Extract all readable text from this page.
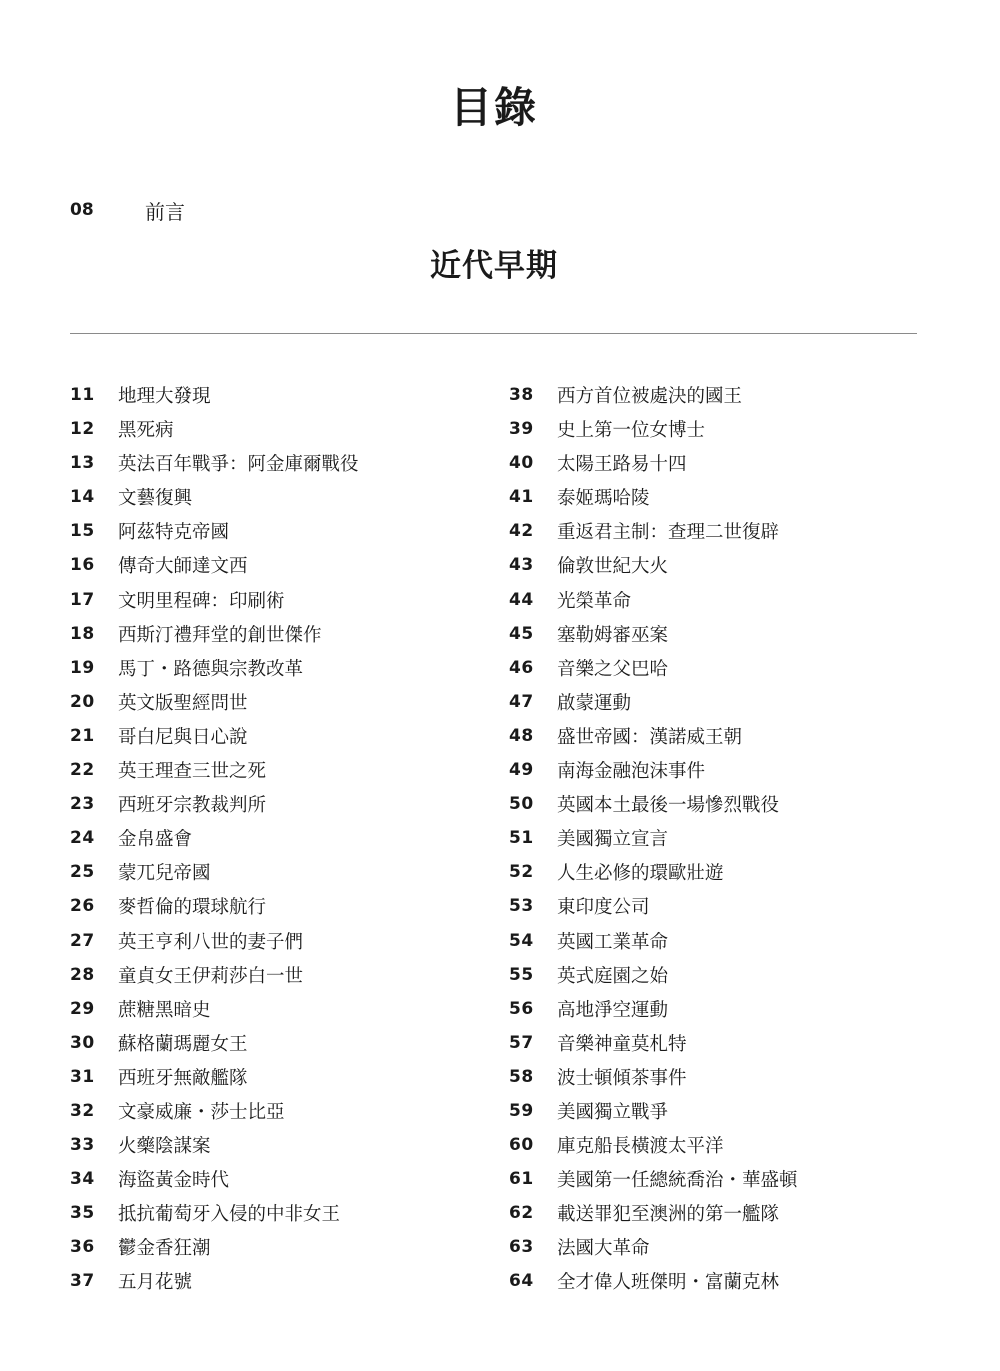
目錄
08	前言
近代早期
11 地理大發現
12 黑死病
13 英法百年戰爭：阿金庫爾戰役
14 文藝復興
15 阿茲特克帝國
16 傳奇大師達文西
17 文明里程碑：印刷術
18 西斯汀禮拜堂的創世傑作
19 馬丁・路德與宗教改革
20 英文版聖經問世
21 哥白尼與日心說
22 英王理查三世之死
23 西班牙宗教裁判所
24 金帛盛會
25 蒙兀兒帝國
26 麥哲倫的環球航行
27 英王亨利八世的妻子們
28 童貞女王伊莉莎白一世
29 蔗糖黑暗史
30 蘇格蘭瑪麗女王
31 西班牙無敵艦隊
32 文豪威廉・莎士比亞
33 火藥陰謀案
34 海盜黃金時代
35 抵抗葡萄牙入侵的中非女王
36 鬱金香狂潮
37 五月花號
38 西方首位被處決的國王
39 史上第一位女博士
40 太陽王路易十四
41 泰姬瑪哈陵
42 重返君主制：查理二世復辟
43 倫敦世紀大火
44 光榮革命
45 塞勒姆審巫案
46 音樂之父巴哈
47 啟蒙運動
48 盛世帝國：漢諾威王朝
49 南海金融泡沫事件
50 英國本土最後一場慘烈戰役
51 美國獨立宣言
52 人生必修的環歐壯遊
53 東印度公司
54 英國工業革命
55 英式庭園之始
56 高地淨空運動
57 音樂神童莫札特
58 波士頓傾茶事件
59 美國獨立戰爭
60 庫克船長橫渡太平洋
61 美國第一任總統喬治・華盛頓
62 載送罪犯至澳洲的第一艦隊
63 法國大革命
64 全才偉人班傑明・富蘭克林
